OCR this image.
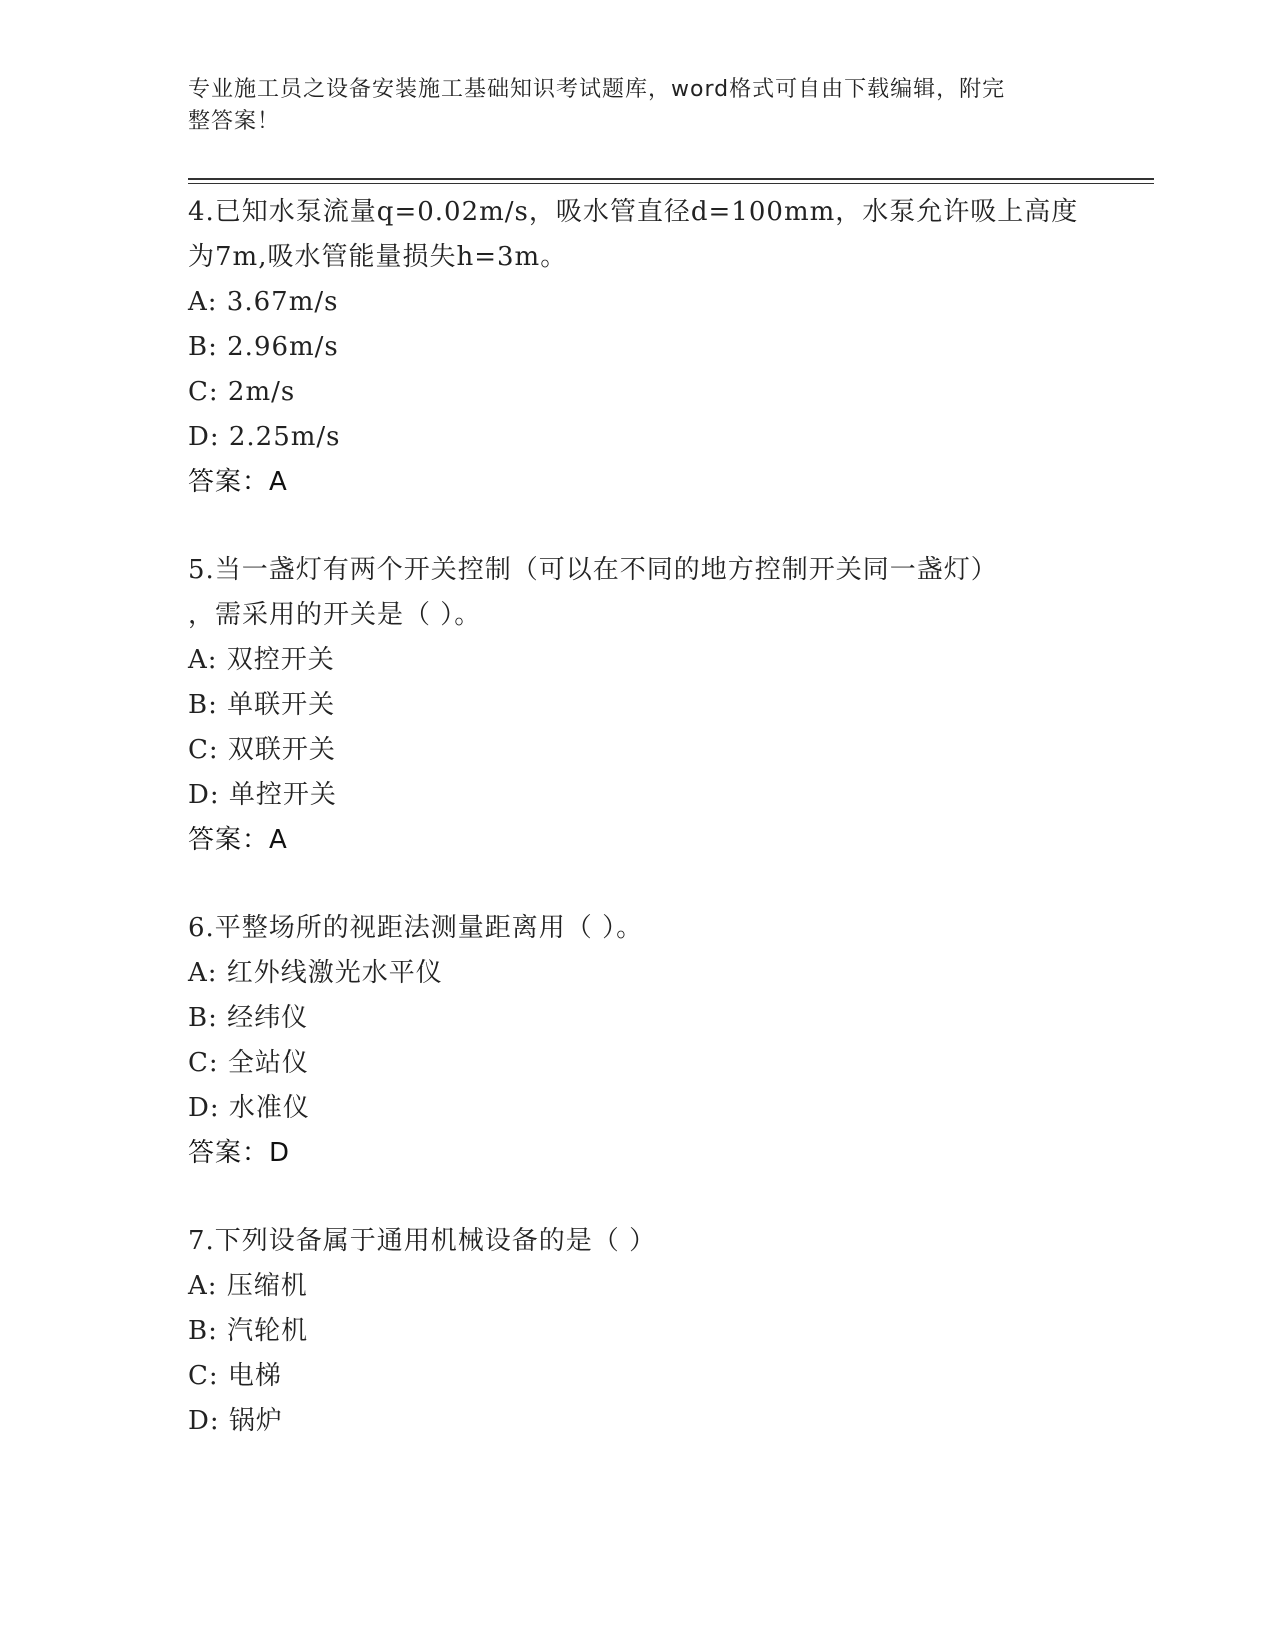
专业施工员之设备安装施工基础知识考试题库，word格式可自由下载编辑，附完
整答案！
4.已知水泵流量q=0.02m/s，吸水管直径d=100mm，水泵允许吸上高度
为7m,吸水管能量损失h=3m。
A: 3.67m/s
B: 2.96m/s
C: 2m/s
D: 2.25m/s
答案：A
5.当一盏灯有两个开关控制（可以在不同的地方控制开关同一盏灯）
，需采用的开关是（ ）。
A: 双控开关
B: 单联开关
C: 双联开关
D: 单控开关
答案：A
6.平整场所的视距法测量距离用（ ）。
A: 红外线激光水平仪
B: 经纬仪
C: 全站仪
D: 水准仪
答案：D
7.下列设备属于通用机械设备的是（ ）
A: 压缩机
B: 汽轮机
C: 电梯
D: 锅炉
